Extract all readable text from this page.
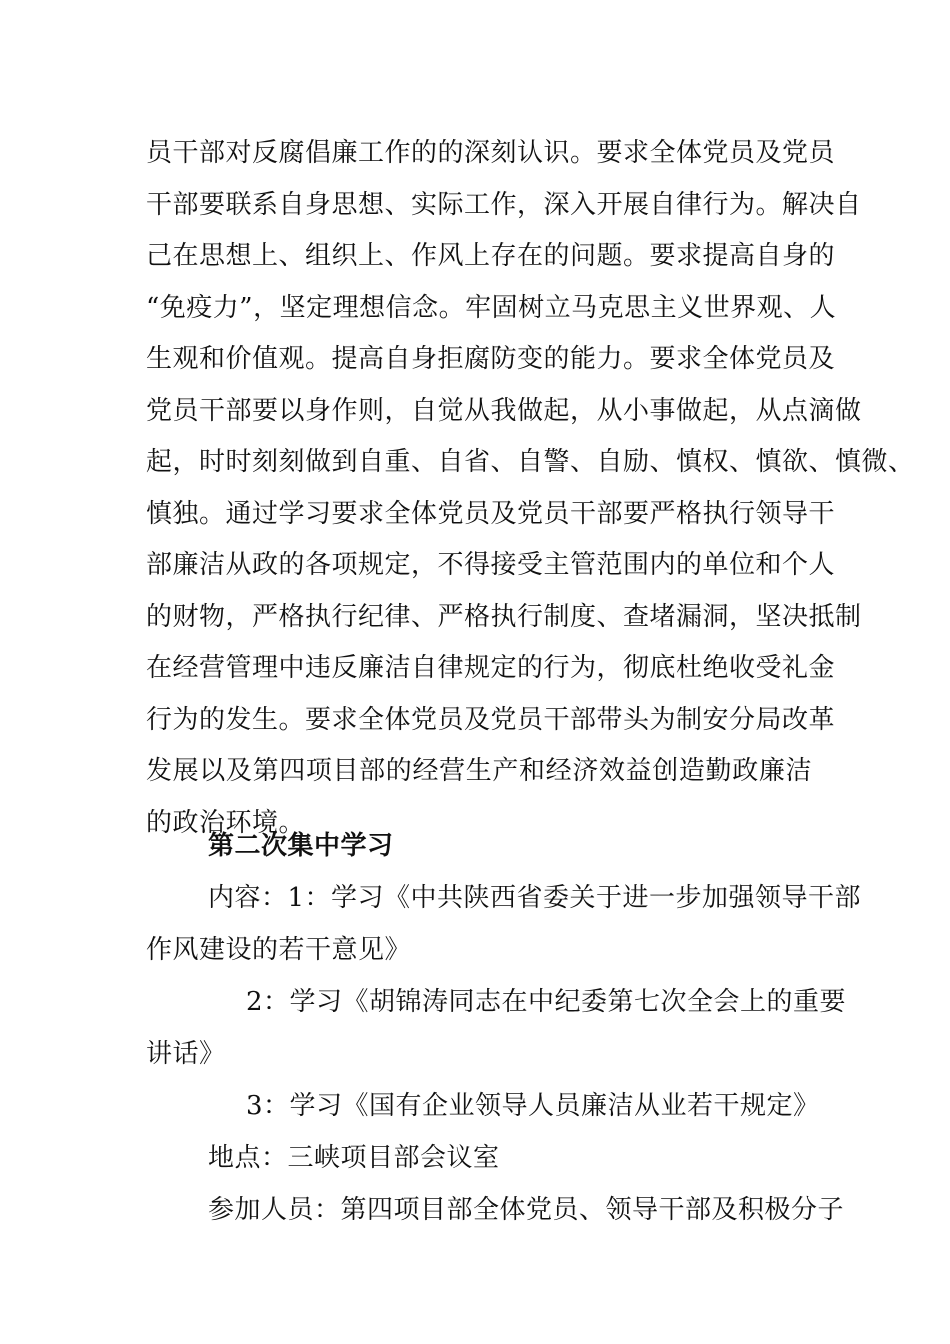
员干部对反腐倡廉工作的的深刻认识。要求全体党员及党员
干部要联系自身思想、实际工作，深入开展自律行为。解决自
己在思想上、组织上、作风上存在的问题。要求提高自身的
“免疫力”，坚定理想信念。牢固树立马克思主义世界观、人
生观和价值观。提高自身拒腐防变的能力。要求全体党员及
党员干部要以身作则，自觉从我做起，从小事做起，从点滴做
起，时时刻刻做到自重、自省、自警、自励、慎权、慎欲、慎微、
慎独。通过学习要求全体党员及党员干部要严格执行领导干
部廉洁从政的各项规定，不得接受主管范围内的单位和个人
的财物，严格执行纪律、严格执行制度、查堵漏洞，坚决抵制
在经营管理中违反廉洁自律规定的行为，彻底杜绝收受礼金
行为的发生。要求全体党员及党员干部带头为制安分局改革
发展以及第四项目部的经营生产和经济效益创造勤政廉洁
的政治环境。
第二次集中学习
内容：1：学习《中共陕西省委关于进一步加强领导干部
作风建设的若干意见》
2：学习《胡锦涛同志在中纪委第七次全会上的重要
讲话》
3：学习《国有企业领导人员廉洁从业若干规定》
地点：三峡项目部会议室
参加人员：第四项目部全体党员、领导干部及积极分子
